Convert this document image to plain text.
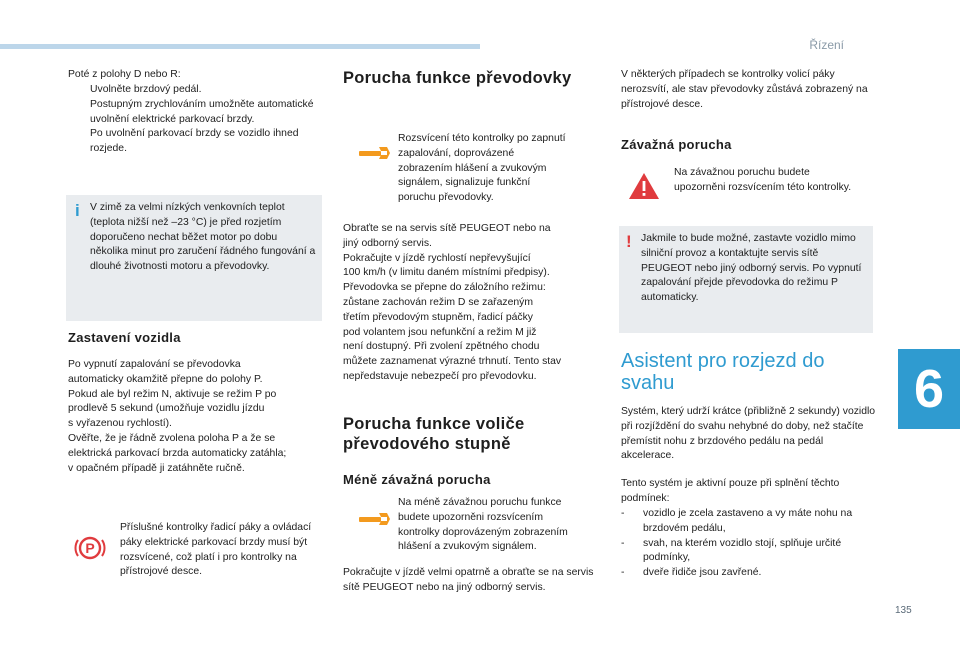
Řízení
6
135

Poté z polohy D nebo R:

Uvolněte brzdový pedál.

Postupným zrychlováním umožněte automatické uvolnění elektrické parkovací brzdy.

Po uvolnění parkovací brzdy se vozidlo ihned rozjede.

i V zimě za velmi nízkých venkovních teplot (teplota nižší než –23 °C) je před rozjetím doporučeno nechat běžet motor po dobu několika minut pro zaručení řádného fungování a dlouhé životnosti motoru a převodovky.

Zastavení vozidla

Po vypnutí zapalování se převodovka

automaticky okamžitě přepne do polohy P.

Pokud ale byl režim N, aktivuje se režim P po

prodlevě 5 sekund (umožňuje vozidlu jízdu

s vyřazenou rychlostí).

Ověřte, že je řádně zvolena poloha P a že se

elektrická parkovací brzda automaticky zatáhla;

v opačném případě ji zatáhněte ručně.

P

Příslušné kontrolky řadicí páky a ovládací páky elektrické parkovací brzdy musí být rozsvícené, což platí i pro kontrolky na přístrojové desce.

Porucha funkce převodovky

Rozsvícení této kontrolky po zapnutí zapalování, doprovázené zobrazením hlášení a zvukovým signálem, signalizuje funkční poruchu převodovky.

Obraťte se na servis sítě PEUGEOT nebo na

jiný odborný servis.

Pokračujte v jízdě rychlostí nepřevyšující

100 km/h (v limitu daném místními předpisy).

Převodovka se přepne do záložního režimu:

zůstane zachován režim D se zařazeným

třetím převodovým stupněm, řadicí páčky

pod volantem jsou nefunkční a režim M již

není dostupný. Při zvolení zpětného chodu

můžete zaznamenat výrazné trhnutí. Tento stav

nepředstavuje nebezpečí pro převodovku.

Porucha funkce voliče

převodového stupně

Méně závažná porucha

Na méně závažnou poruchu funkce budete upozorněni rozsvícením kontrolky doprovázeným zobrazením hlášení a zvukovým signálem.

Pokračujte v jízdě velmi opatrně a obraťte se na servis sítě PEUGEOT nebo na jiný odborný servis.

V některých případech se kontrolky volicí páky nerozsvítí, ale stav převodovky zůstává zobrazený na přístrojové desce.

Závažná porucha

Na závažnou poruchu budete upozorněni rozsvícením této kontrolky.

! Jakmile to bude možné, zastavte vozidlo mimo silniční provoz a kontaktujte servis sítě PEUGEOT nebo jiný odborný servis. Po vypnutí zapalování přejde převodovka do režimu P automaticky.

Asistent pro rozjezd do

svahu

Systém, který udrží krátce (přibližně 2 sekundy) vozidlo při rozjíždění do svahu nehybné do doby, než stačíte přemístit nohu z brzdového pedálu na pedál akcelerace.

Tento systém je aktivní pouze při splnění těchto podmínek:

- vozidlo je zcela zastaveno a vy máte nohu na brzdovém pedálu,

- svah, na kterém vozidlo stojí, splňuje určité podmínky,

- dveře řidiče jsou zavřené.
